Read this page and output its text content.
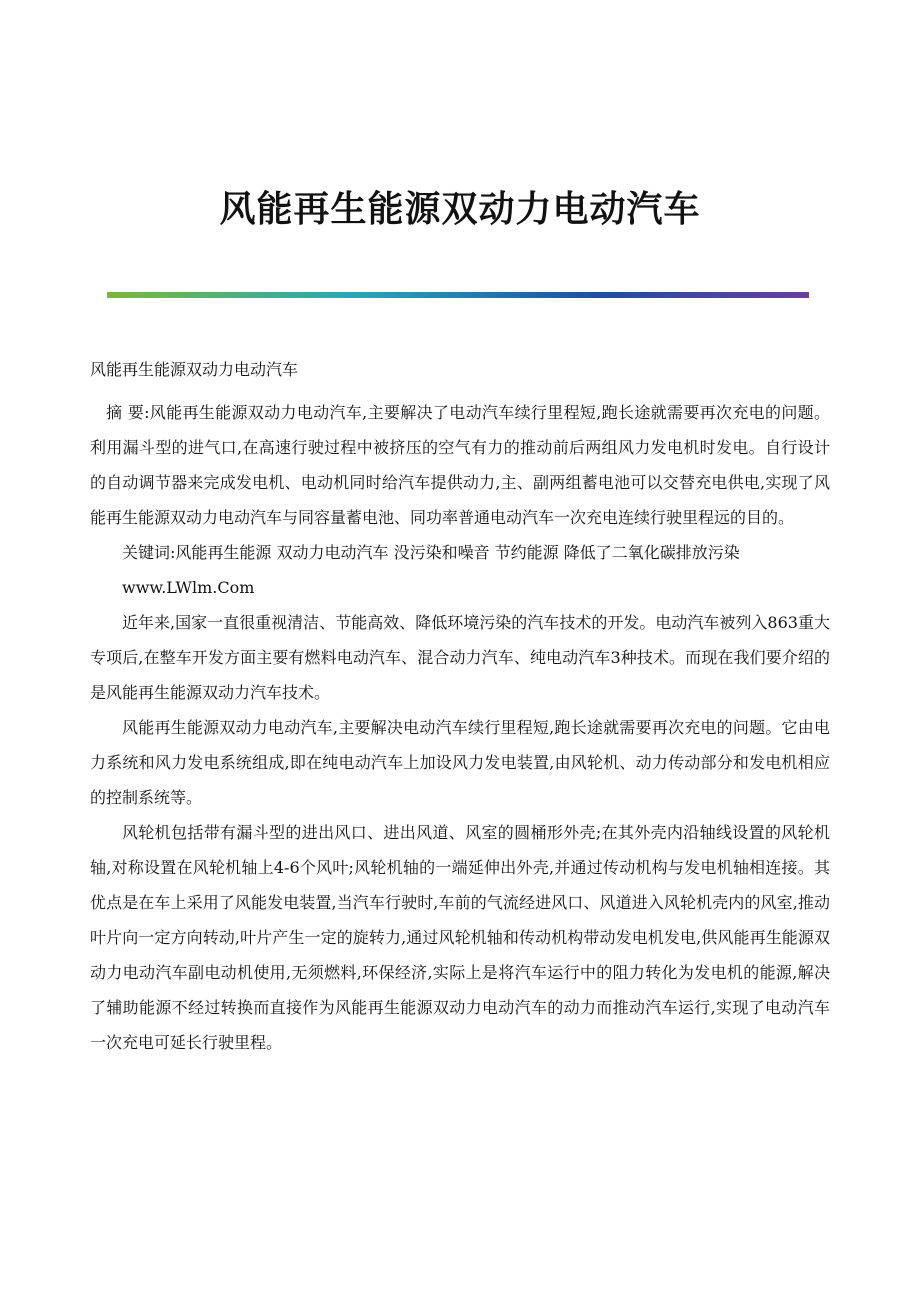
风能再生能源双动力电动汽车

风能再生能源双动力电动汽车

摘 要:风能再生能源双动力电动汽车,主要解决了电动汽车续行里程短,跑长途就需要再次充电的问题。利用漏斗型的进气口,在高速行驶过程中被挤压的空气有力的推动前后两组风力发电机时发电。自行设计的自动调节器来完成发电机、电动机同时给汽车提供动力,主、副两组蓄电池可以交替充电供电,实现了风能再生能源双动力电动汽车与同容量蓄电池、同功率普通电动汽车一次充电连续行驶里程远的目的。

关键词:风能再生能源 双动力电动汽车 没污染和噪音 节约能源 降低了二氧化碳排放污染

www.LWlm.Com

近年来,国家一直很重视清洁、节能高效、降低环境污染的汽车技术的开发。电动汽车被列入863重大专项后,在整车开发方面主要有燃料电动汽车、混合动力汽车、纯电动汽车3种技术。而现在我们要介绍的是风能再生能源双动力汽车技术。

风能再生能源双动力电动汽车,主要解决电动汽车续行里程短,跑长途就需要再次充电的问题。它由电力系统和风力发电系统组成,即在纯电动汽车上加设风力发电装置,由风轮机、动力传动部分和发电机相应的控制系统等。

风轮机包括带有漏斗型的进出风口、进出风道、风室的圆桶形外壳;在其外壳内沿轴线设置的风轮机轴,对称设置在风轮机轴上4-6个风叶;风轮机轴的一端延伸出外壳,并通过传动机构与发电机轴相连接。其优点是在车上采用了风能发电装置,当汽车行驶时,车前的气流经进风口、风道进入风轮机壳内的风室,推动叶片向一定方向转动,叶片产生一定的旋转力,通过风轮机轴和传动机构带动发电机发电,供风能再生能源双动力电动汽车副电动机使用,无须燃料,环保经济,实际上是将汽车运行中的阻力转化为发电机的能源,解决了辅助能源不经过转换而直接作为风能再生能源双动力电动汽车的动力而推动汽车运行,实现了电动汽车一次充电可延长行驶里程。
